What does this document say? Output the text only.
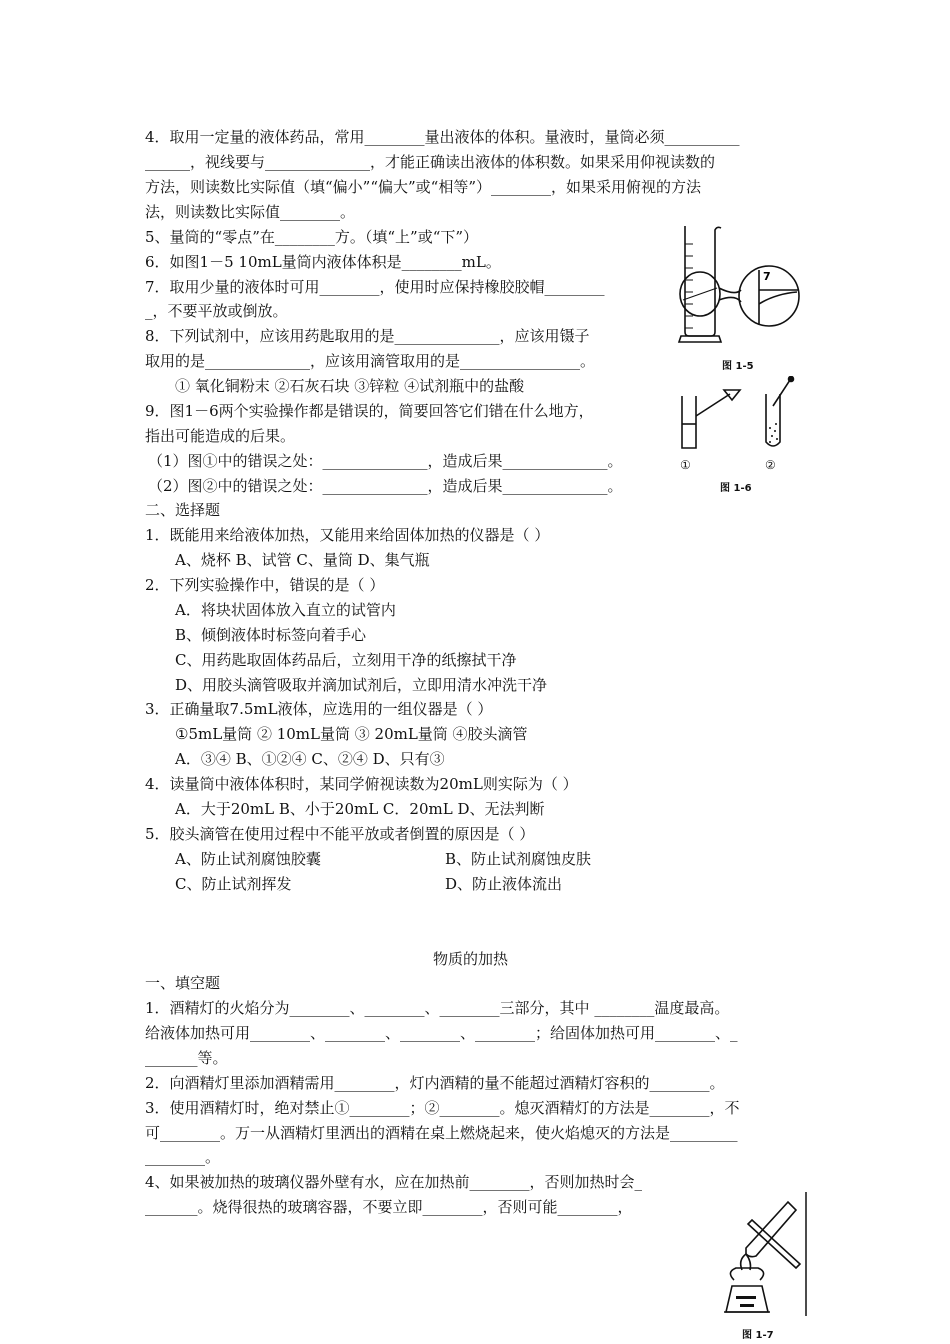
4．取用一定量的液体药品，常用________量出液体的体积。量液时，量筒必须__________
______，视线要与______________，才能正确读出液体的体积数。如果采用仰视读数的
方法，则读数比实际值（填“偏小”“偏大”或“相等”）________，如果采用俯视的方法
法，则读数比实际值________。
5、量筒的“零点”在________方。（填“上”或“下”）
6．如图1－5 10mL量筒内液体体积是________mL。
7．取用少量的液体时可用________，使用时应保持橡胶胶帽________
_，不要平放或倒放。
8．下列试剂中，应该用药匙取用的是______________，应该用镊子
取用的是______________，应该用滴管取用的是________________。
① 氧化铜粉末 ②石灰石块 ③锌粒 ④试剂瓶中的盐酸
9．图1－6两个实验操作都是错误的，简要回答它们错在什么地方，
指出可能造成的后果。
（1）图①中的错误之处：______________，造成后果______________。
（2）图②中的错误之处：______________，造成后果______________。
二、选择题
1．既能用来给液体加热，又能用来给固体加热的仪器是（ ）
A、烧杯 B、试管 C、量筒 D、集气瓶
2．下列实验操作中，错误的是（ ）
A．将块状固体放入直立的试管内
B、倾倒液体时标签向着手心
C、用药匙取固体药品后，立刻用干净的纸擦拭干净
D、用胶头滴管吸取并滴加试剂后，立即用清水冲洗干净
3．正确量取7.5mL液体，应选用的一组仪器是（ ）
①5mL量筒 ② 10mL量筒 ③ 20mL量筒 ④胶头滴管
A．③④ B、①②④ C、②④ D、只有③
4．读量筒中液体体积时，某同学俯视读数为20mL则实际为（ ）
A．大于20mL B、小于20mL C．20mL D、无法判断
5．胶头滴管在使用过程中不能平放或者倒置的原因是（ ）
A、防止试剂腐蚀胶囊	B、防止试剂腐蚀皮肤
C、防止试剂挥发	D、防止液体流出
物质的加热
一、填空题
1．酒精灯的火焰分为________、________、________三部分，其中 ________温度最高。
给液体加热可用________、________、________、________；给固体加热可用________、_
_______等。
2．向酒精灯里添加酒精需用________，灯内酒精的量不能超过酒精灯容积的________。
3．使用酒精灯时，绝对禁止①________；②________。熄灭酒精灯的方法是________，不
可________。万一从酒精灯里洒出的酒精在桌上燃烧起来，使火焰熄灭的方法是_________
________。
4、如果被加热的玻璃仪器外壁有水，应在加热前________，否则加热时会_
_______。烧得很热的玻璃容器，不要立即________，否则可能________，
7
图 1-5
①	②
图 1-6
图 1-7
